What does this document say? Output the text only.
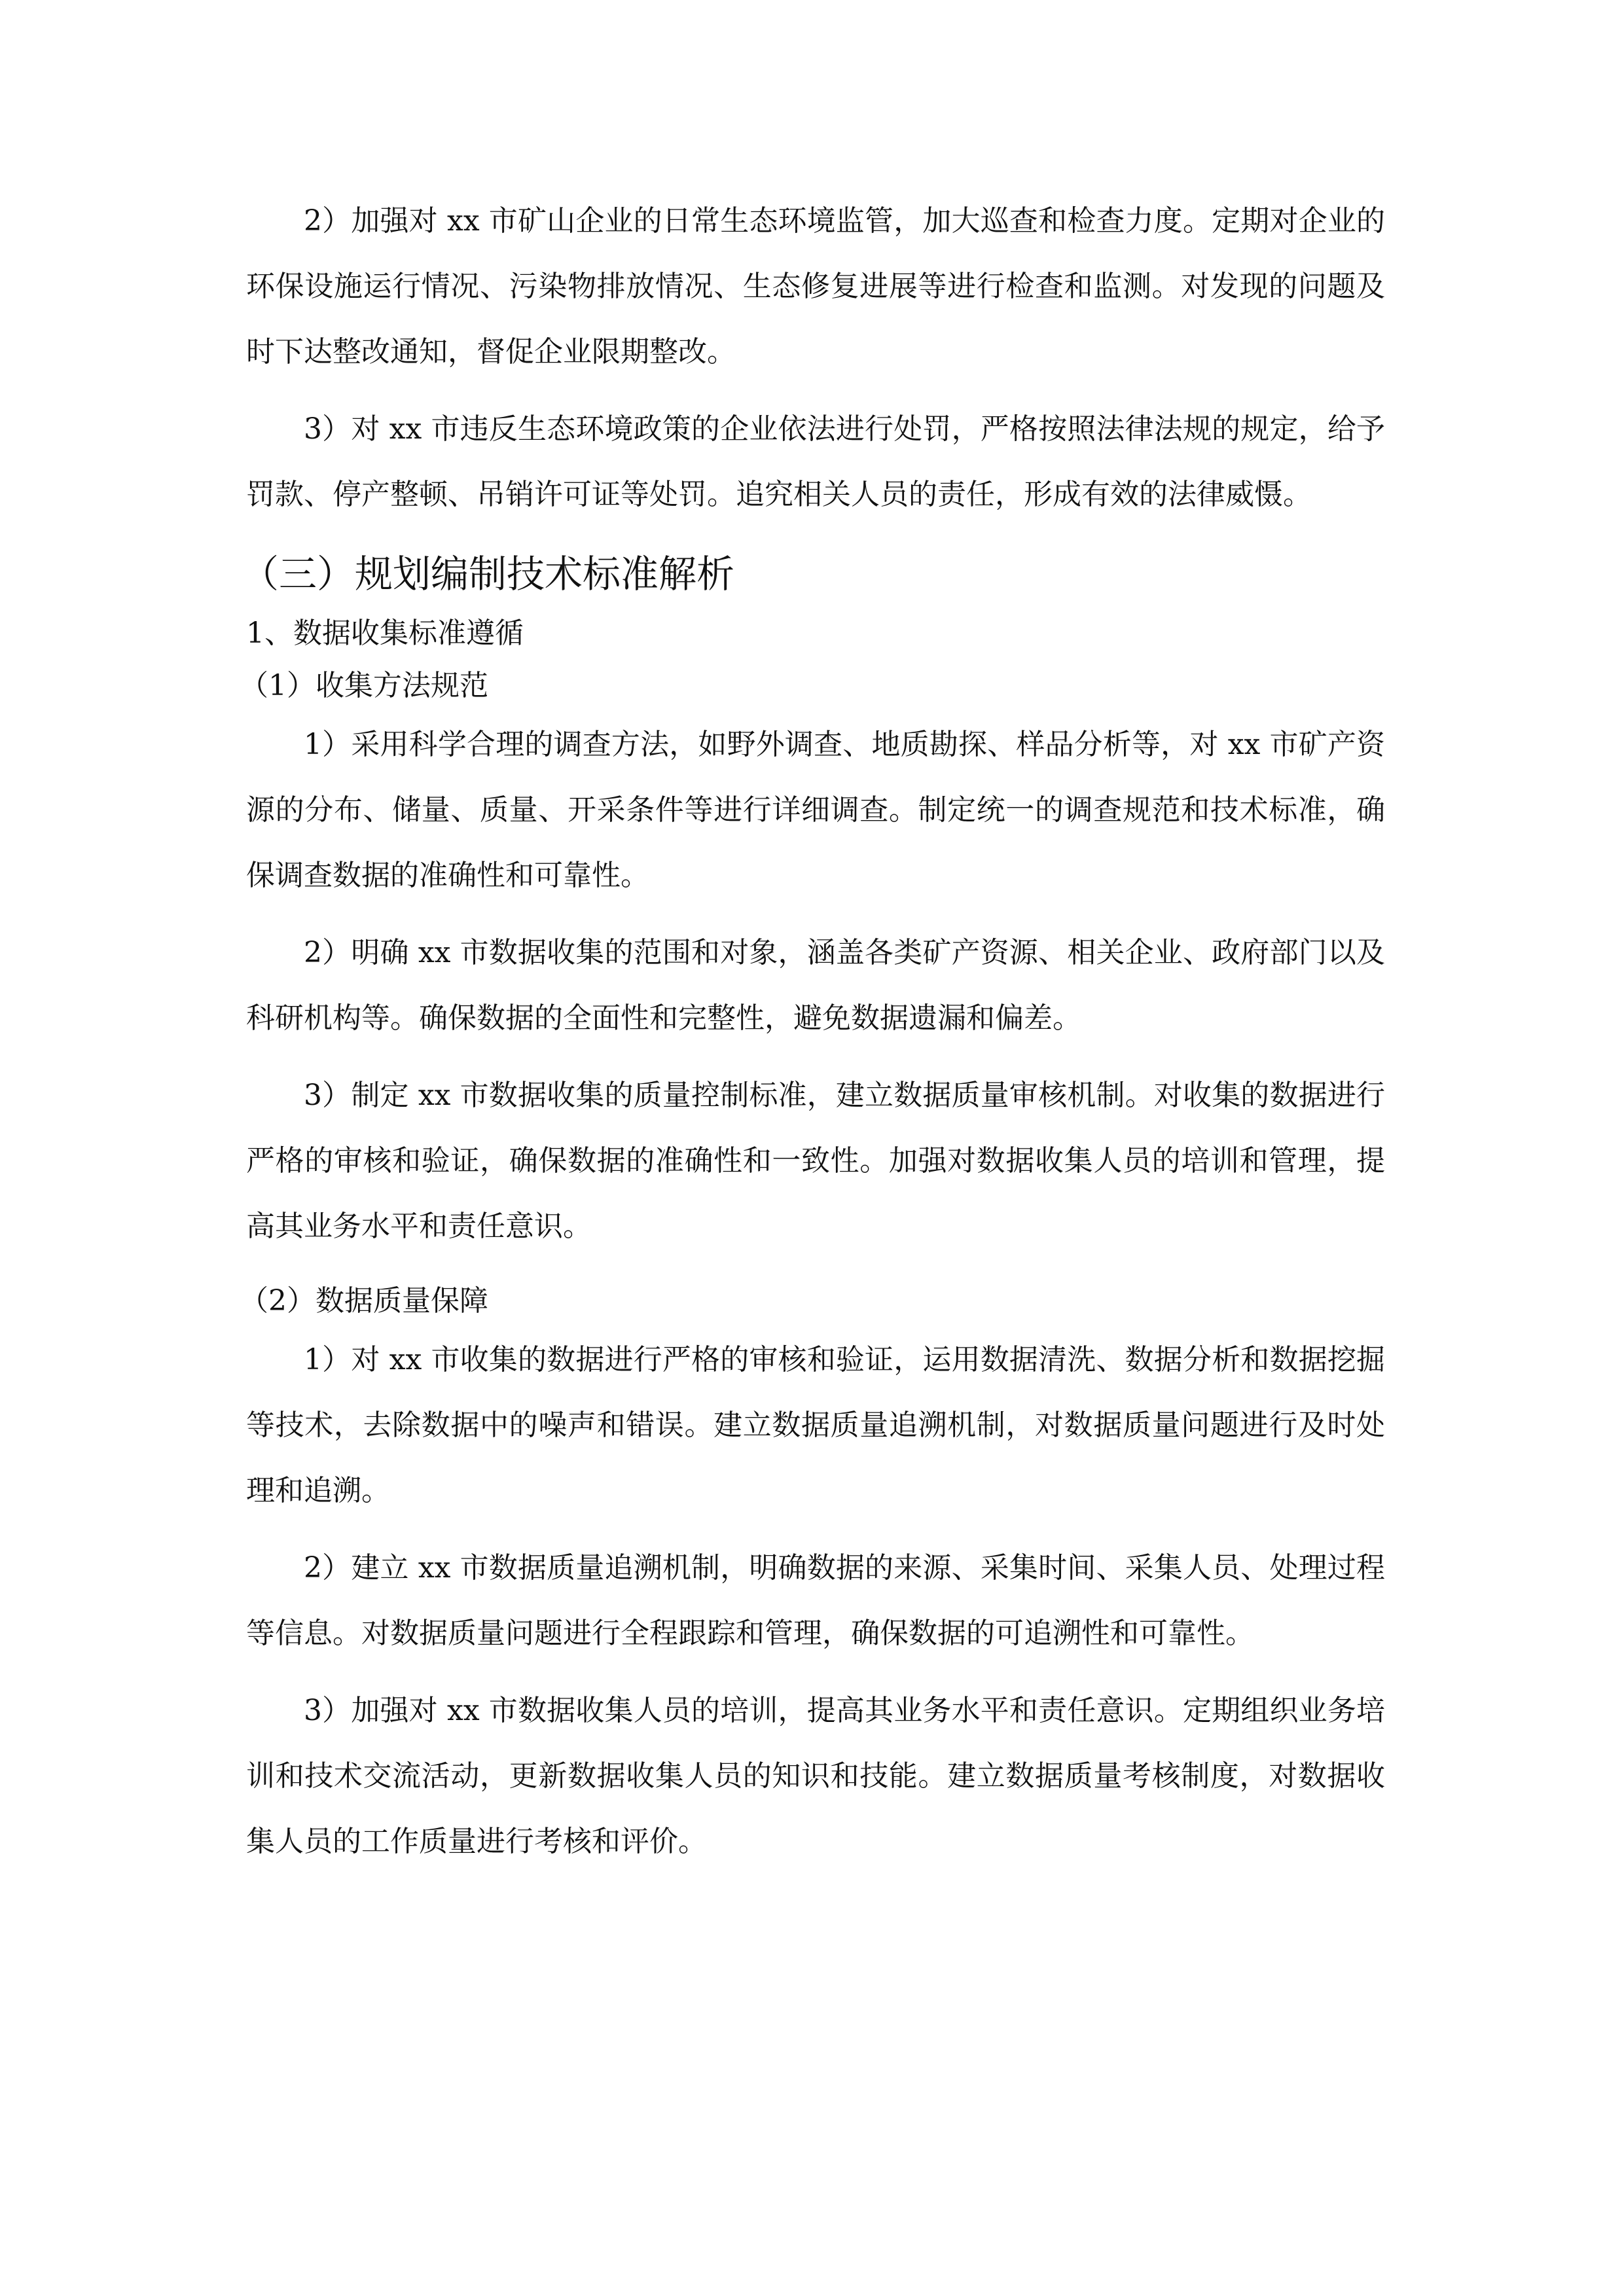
2）加强对 xx 市矿山企业的日常生态环境监管，加大巡查和检查力度。定期对企业的环保设施运行情况、污染物排放情况、生态修复进展等进行检查和监测。对发现的问题及时下达整改通知，督促企业限期整改。

3）对 xx 市违反生态环境政策的企业依法进行处罚，严格按照法律法规的规定，给予罚款、停产整顿、吊销许可证等处罚。追究相关人员的责任，形成有效的法律威慑。

（三）规划编制技术标准解析
1、数据收集标准遵循
（1）收集方法规范

1）采用科学合理的调查方法，如野外调查、地质勘探、样品分析等，对 xx 市矿产资源的分布、储量、质量、开采条件等进行详细调查。制定统一的调查规范和技术标准，确保调查数据的准确性和可靠性。

2）明确 xx 市数据收集的范围和对象，涵盖各类矿产资源、相关企业、政府部门以及科研机构等。确保数据的全面性和完整性，避免数据遗漏和偏差。

3）制定 xx 市数据收集的质量控制标准，建立数据质量审核机制。对收集的数据进行严格的审核和验证，确保数据的准确性和一致性。加强对数据收集人员的培训和管理，提高其业务水平和责任意识。

（2）数据质量保障

1）对 xx 市收集的数据进行严格的审核和验证，运用数据清洗、数据分析和数据挖掘等技术，去除数据中的噪声和错误。建立数据质量追溯机制，对数据质量问题进行及时处理和追溯。

2）建立 xx 市数据质量追溯机制，明确数据的来源、采集时间、采集人员、处理过程等信息。对数据质量问题进行全程跟踪和管理，确保数据的可追溯性和可靠性。

3）加强对 xx 市数据收集人员的培训，提高其业务水平和责任意识。定期组织业务培训和技术交流活动，更新数据收集人员的知识和技能。建立数据质量考核制度，对数据收集人员的工作质量进行考核和评价。
